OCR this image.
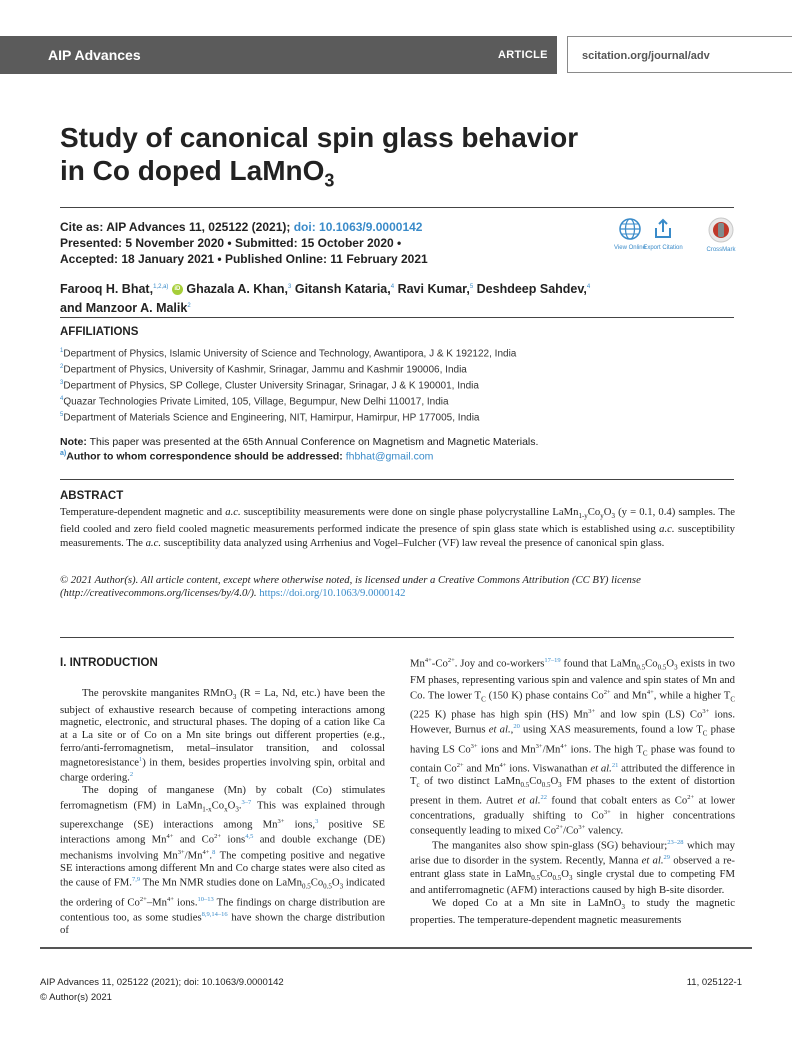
AIP Advances	ARTICLE	scitation.org/journal/adv
Study of canonical spin glass behavior
in Co doped LaMnO$_3$
Cite as: AIP Advances 11, 025122 (2021); doi: 10.1063/9.0000142
Presented: 5 November 2020 • Submitted: 15 October 2020 •
Accepted: 18 January 2021 • Published Online: 11 February 2021
View Online
Export Citation	CrossMark
Farooq H. Bhat,$^{1,2,a)}$ iD Ghazala A. Khan,$^3$ Gitansh Kataria,$^4$ Ravi Kumar,$^5$ Deshdeep Sahdev,$^4$
and Manzoor A. Malik$^2$
AFFILIATIONS
$^1$Department of Physics, Islamic University of Science and Technology, Awantipora, J & K 192122, India
$^2$Department of Physics, University of Kashmir, Srinagar, Jammu and Kashmir 190006, India
$^3$Department of Physics, SP College, Cluster University Srinagar, Srinagar, J & K 190001, India
$^4$Quazar Technologies Private Limited, 105, Village, Begumpur, New Delhi 110017, India
$^5$Department of Materials Science and Engineering, NIT, Hamirpur, Hamirpur, HP 177005, India
Note: This paper was presented at the 65th Annual Conference on Magnetism and Magnetic Materials.
$^{a)}$Author to whom correspondence should be addressed: fhbhat@gmail.com
ABSTRACT
Temperature-dependent magnetic and a.c. susceptibility measurements were done on single phase polycrystalline $LaMn_{1-y}Co_yO_3$ (y = 0.1, 0.4) samples. The field cooled and zero field cooled magnetic measurements performed indicate the presence of spin glass state which is established using a.c. susceptibility measurements. The a.c. susceptibility data analyzed using Arrhenius and Vogel–Fulcher (VF) law reveal the presence of canonical spin glass.
© 2021 Author(s). All article content, except where otherwise noted, is licensed under a Creative Commons Attribution (CC BY) license (http://creativecommons.org/licenses/by/4.0/). https://doi.org/10.1063/9.0000142
I. INTRODUCTION

The perovskite manganites RMnO$_3$ (R = La, Nd, etc.) have been the subject of exhaustive research because of competing interactions among magnetic, electronic, and structural phases. The doping of a cation like Ca at a La site or of Co on a Mn site brings out different properties (e.g., ferro/anti-ferromagnetism, metal–insulator transition, and colossal magnetoresistance$^1$) in them, besides properties involving spin, orbital and charge ordering.$^2$

The doping of manganese (Mn) by cobalt (Co) stimulates ferromagnetism (FM) in $LaMn_{1-x}Co_xO_3.^{3-7}$ This was explained through superexchange (SE) interactions among $Mn^{3+}$ ions,$^3$ positive SE interactions among $Mn^{4+}$ and $Co^{2+}$ ions$^{4,5}$ and double exchange (DE) mechanisms involving $Mn^{3+}/Mn^{4+}.^8$ The competing positive and negative SE interactions among different Mn and Co charge states were also cited as the cause of FM.$^{7,9}$ The Mn NMR studies done on $LaMn_{0.5}Co_{0.5}O_3$ indicated the ordering of $Co^{2+}-Mn^{4+}$ ions.$^{10-13}$ The findings on charge distribution are contentious too, as some studies$^{8,9,14-16}$ have shown the charge distribution of

$Mn^{4+}-Co^{2+}$. Joy and co-workers$^{17-19}$ found that $LaMn_{0.5}Co_{0.5}O_3$ exists in two FM phases, representing various spin and valence and spin states of Mn and Co. The lower $T_C$ (150 K) phase contains $Co^{2+}$ and $Mn^{4+}$, while a higher $T_C$ (225 K) phase has high spin (HS) $Mn^{3+}$ and low spin (LS) $Co^{3+}$ ions. However, Burnus et al.,$^{20}$ using XAS measurements, found a low $T_C$ phase having LS $Co^{3+}$ ions and $Mn^{3+}/Mn^{4+}$ ions. The high $T_C$ phase was found to contain $Co^{2+}$ and $Mn^{4+}$ ions. Viswanathan et al.$^{21}$ attributed the difference in $T_c$ of two distinct $LaMn_{0.5}Co_{0.5}O_3$ FM phases to the extent of distortion present in them. Autret et al.$^{22}$ found that cobalt enters as $Co^{2+}$ at lower concentrations, gradually shifting to $Co^{3+}$ in higher concentrations consequently leading to mixed $Co^{2+}/Co^{3+}$ valency.

The manganites also show spin-glass (SG) behaviour;$^{23-28}$ which may arise due to disorder in the system. Recently, Manna et al.$^{29}$ observed a re-entrant glass state in $LaMn_{0.5}Co_{0.5}O_3$ single crystal due to competing FM and antiferromagnetic (AFM) interactions caused by high B-site disorder.

We doped Co at a Mn site in LaMnO$_3$ to study the magnetic properties. The temperature-dependent magnetic measurements

AIP Advances 11, 025122 (2021); doi: 10.1063/9.0000142
© Author(s) 2021
11, 025122-1
